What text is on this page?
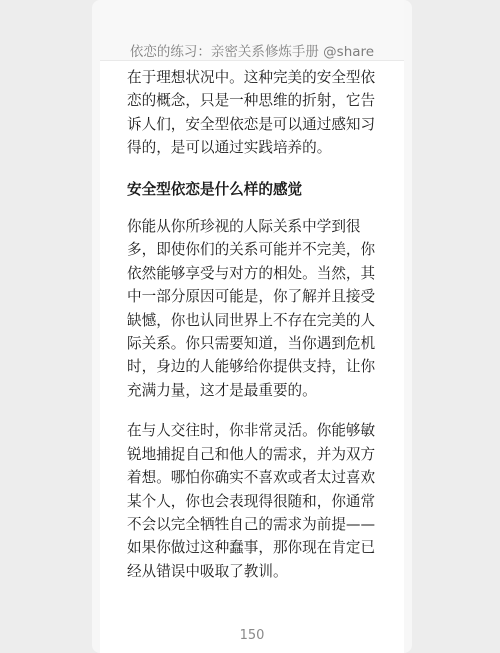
依恋的练习：亲密关系修炼手册 @share

在于理想状况中。这种完美的安全型依恋的概念，只是一种思维的折射，它告诉人们，安全型依恋是可以通过感知习得的，是可以通过实践培养的。

安全型依恋是什么样的感觉

你能从你所珍视的人际关系中学到很多，即使你们的关系可能并不完美，你依然能够享受与对方的相处。当然，其中一部分原因可能是，你了解并且接受缺憾，你也认同世界上不存在完美的人际关系。你只需要知道，当你遇到危机时，身边的人能够给你提供支持，让你充满力量，这才是最重要的。

在与人交往时，你非常灵活。你能够敏锐地捕捉自己和他人的需求，并为双方着想。哪怕你确实不喜欢或者太过喜欢某个人，你也会表现得很随和，你通常不会以完全牺牲自己的需求为前提——如果你做过这种蠢事，那你现在肯定已经从错误中吸取了教训。

150
